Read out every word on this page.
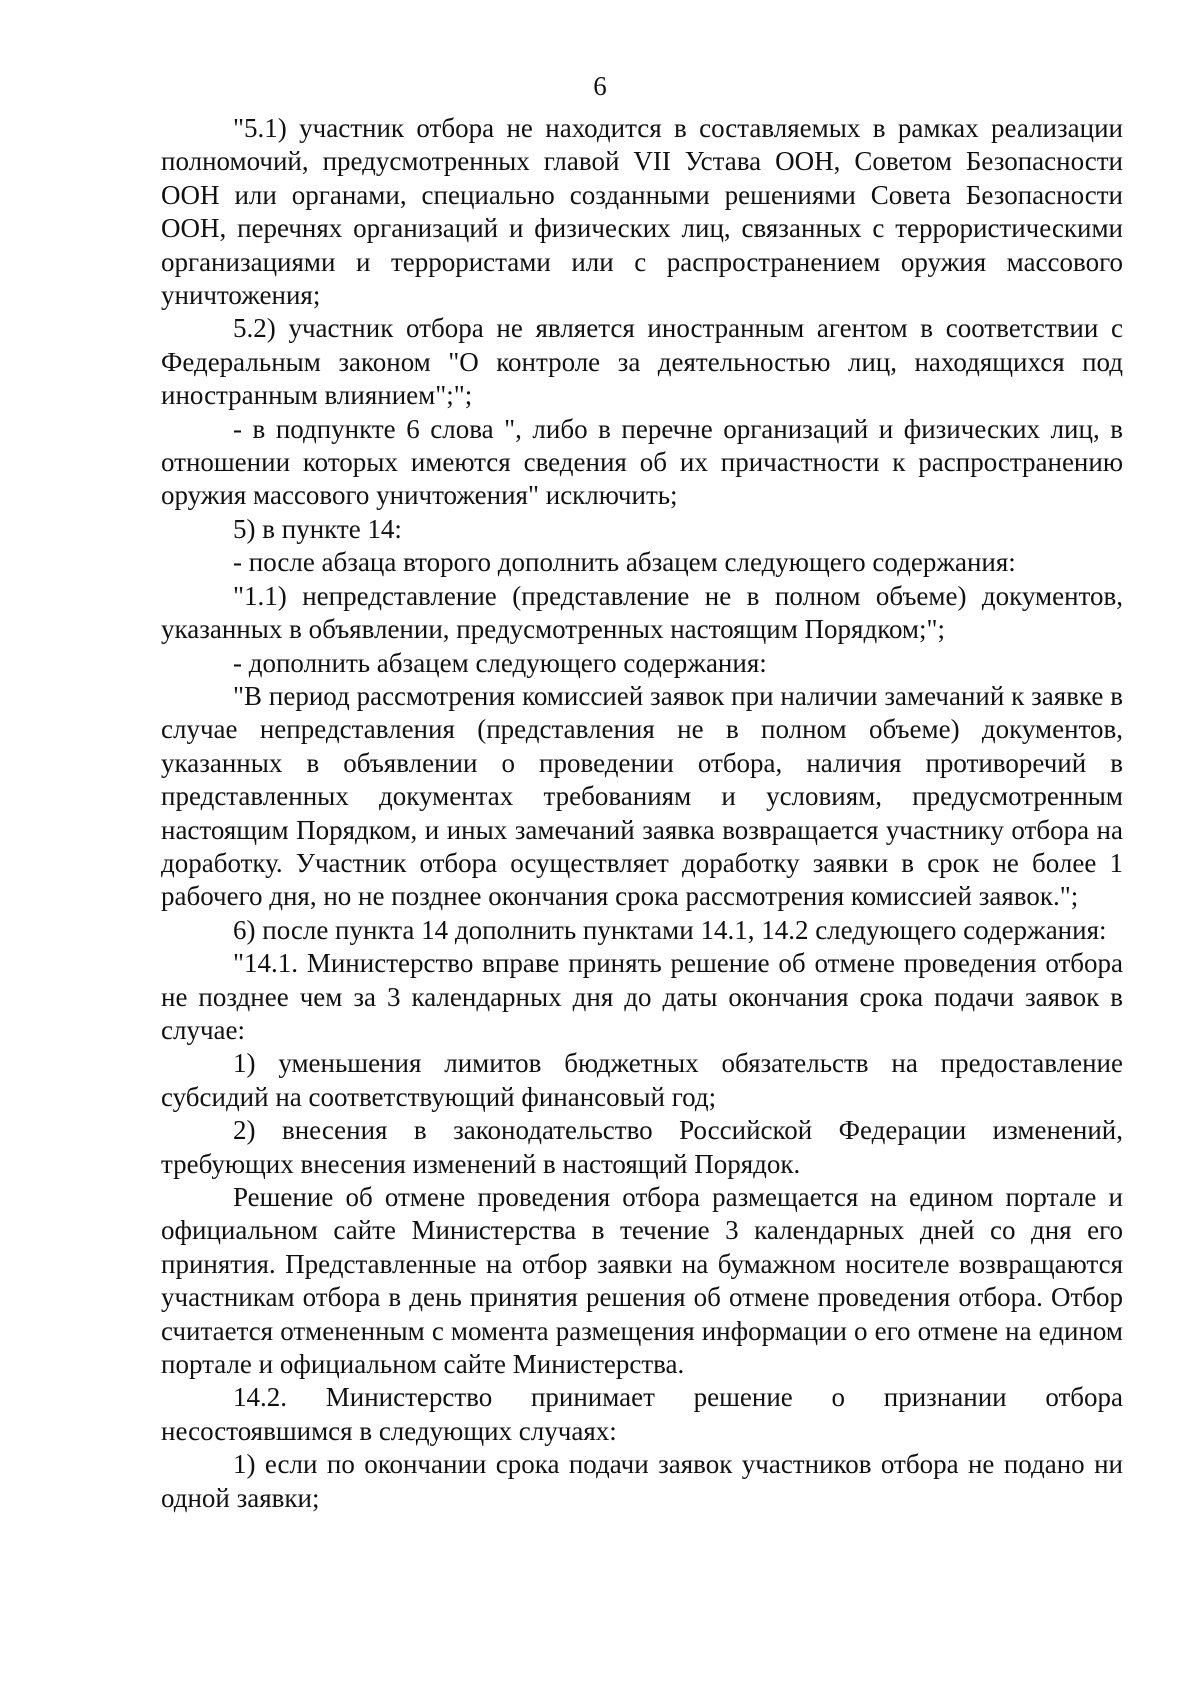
6

"5.1) участник отбора не находится в составляемых в рамках реализации полномочий, предусмотренных главой VII Устава ООН, Советом Безопасности ООН или органами, специально созданными решениями Совета Безопасности ООН, перечнях организаций и физических лиц, связанных с террористическими организациями и террористами или с распространением оружия массового уничтожения;

5.2) участник отбора не является иностранным агентом в соответствии с Федеральным законом "О контроле за деятельностью лиц, находящихся под иностранным влиянием";";

- в подпункте 6 слова ", либо в перечне организаций и физических лиц, в отношении которых имеются сведения об их причастности к распространению оружия массового уничтожения" исключить;

5) в пункте 14:

- после абзаца второго дополнить абзацем следующего содержания:

"1.1) непредставление (представление не в полном объеме) документов, указанных в объявлении, предусмотренных настоящим Порядком;";

- дополнить абзацем следующего содержания:

"В период рассмотрения комиссией заявок при наличии замечаний к заявке в случае непредставления (представления не в полном объеме) документов, указанных в объявлении о проведении отбора, наличия противоречий в представленных документах требованиям и условиям, предусмотренным настоящим Порядком, и иных замечаний заявка возвращается участнику отбора на доработку. Участник отбора осуществляет доработку заявки в срок не более 1 рабочего дня, но не позднее окончания срока рассмотрения комиссией заявок.";

6) после пункта 14 дополнить пунктами 14.1, 14.2 следующего содержания:

"14.1. Министерство вправе принять решение об отмене проведения отбора не позднее чем за 3 календарных дня до даты окончания срока подачи заявок в случае:

1) уменьшения лимитов бюджетных обязательств на предоставление субсидий на соответствующий финансовый год;

2) внесения в законодательство Российской Федерации изменений, требующих внесения изменений в настоящий Порядок.

Решение об отмене проведения отбора размещается на едином портале и официальном сайте Министерства в течение 3 календарных дней со дня его принятия. Представленные на отбор заявки на бумажном носителе возвращаются участникам отбора в день принятия решения об отмене проведения отбора. Отбор считается отмененным с момента размещения информации о его отмене на едином портале и официальном сайте Министерства.

14.2. Министерство принимает решение о признании отбора несостоявшимся в следующих случаях:

1) если по окончании срока подачи заявок участников отбора не подано ни одной заявки;
